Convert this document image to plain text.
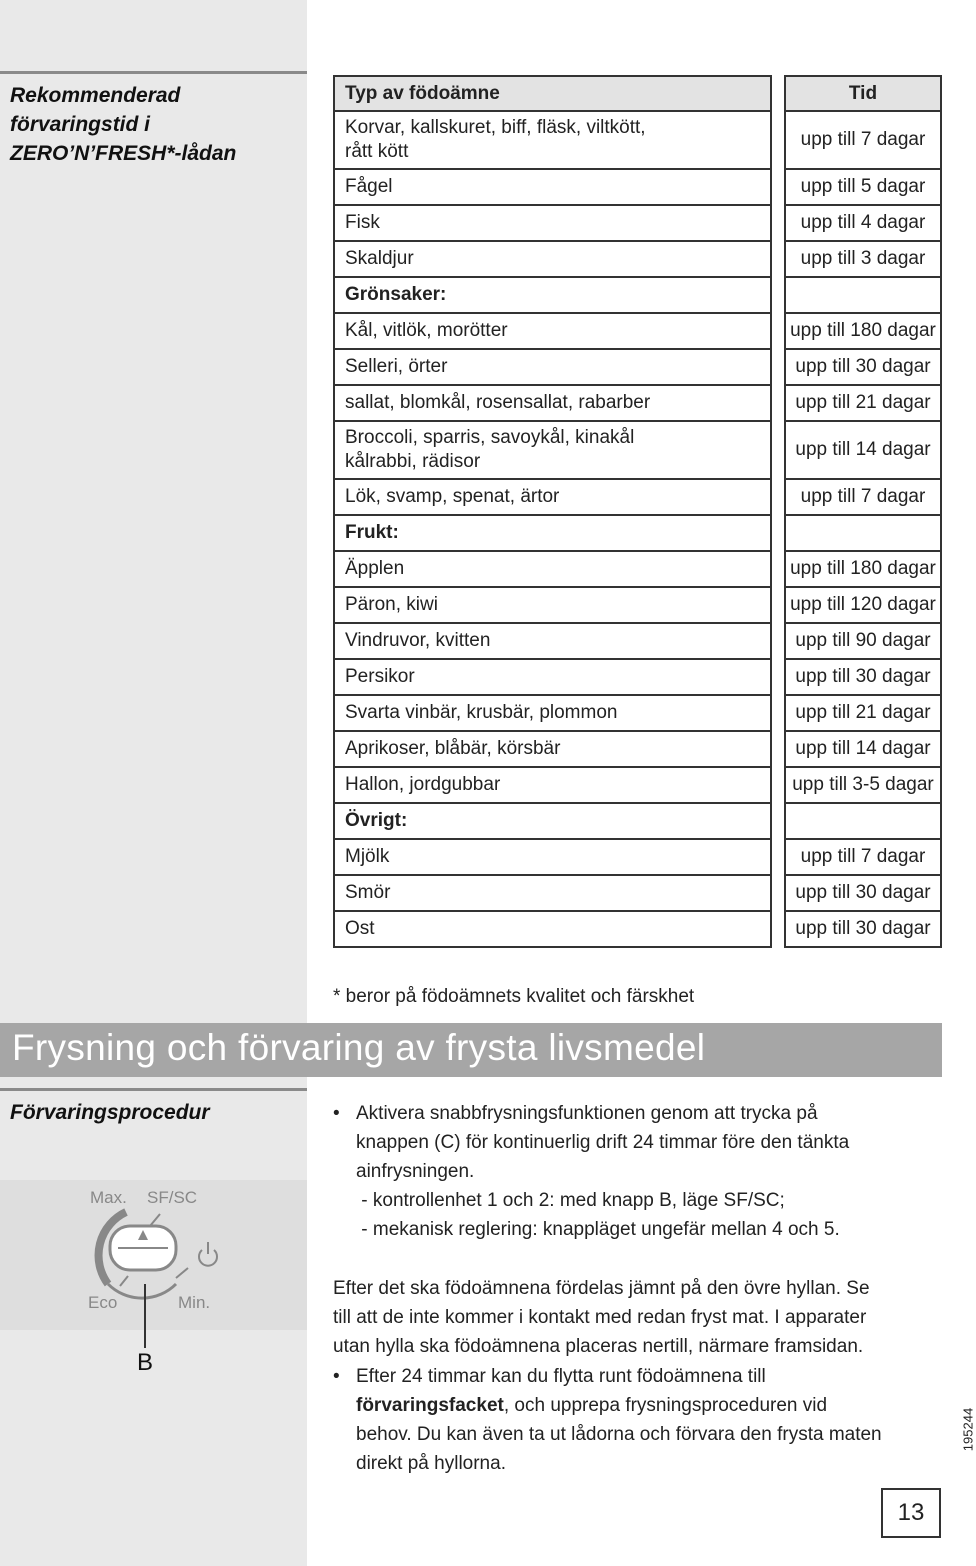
Rekommenderad
förvaringstid i
ZERO’N’FRESH*-lådan
Typ av födoämne		Tid

Korvar, kallskuret, biff, fläsk, viltkött,
rått kött		upp till 7 dagar

Fågel		upp till 5 dagar

Fisk		upp till 4 dagar

Skaldjur		upp till 3 dagar

Grönsaker:		

Kål, vitlök, morötter		upp till 180 dagar

Selleri, örter		upp till 30 dagar

sallat, blomkål, rosensallat, rabarber		upp till 21 dagar

Broccoli, sparris, savoykål, kinakål
kålrabbi, rädisor		upp till 14 dagar

Lök, svamp, spenat, ärtor		upp till 7 dagar

Frukt:		

Äpplen		upp till 180 dagar

Päron, kiwi		upp till 120 dagar

Vindruvor, kvitten		upp till 90 dagar

Persikor		upp till 30 dagar

Svarta vinbär, krusbär, plommon		upp till 21 dagar

Aprikoser, blåbär, körsbär		upp till 14 dagar

Hallon, jordgubbar		upp till 3-5 dagar

Övrigt:		

Mjölk		upp till 7 dagar

Smör		upp till 30 dagar

Ost		upp till 30 dagar
* beror på födoämnets kvalitet och färskhet
Frysning och förvaring av frysta livsmedel
Förvaringsprocedur
Max. SF/SC
Eco	Min.
B
• Aktivera snabbfrysningsfunktionen genom att trycka på
knappen (C) för kontinuerlig drift 24 timmar före den tänkta
ainfrysningen.
- kontrollenhet 1 och 2: med knapp B, läge SF/SC;
- mekanisk reglering: knappläget ungefär mellan 4 och 5.
Efter det ska födoämnena fördelas jämnt på den övre hyllan. Se
till att de inte kommer i kontakt med redan fryst mat. I apparater
utan hylla ska födoämnena placeras nertill, närmare framsidan.
• Efter 24 timmar kan du flytta runt födoämnena till
förvaringsfacket, och upprepa frysningsproceduren vid
behov. Du kan även ta ut lådorna och förvara den frysta maten
direkt på hyllorna.
195244
13
